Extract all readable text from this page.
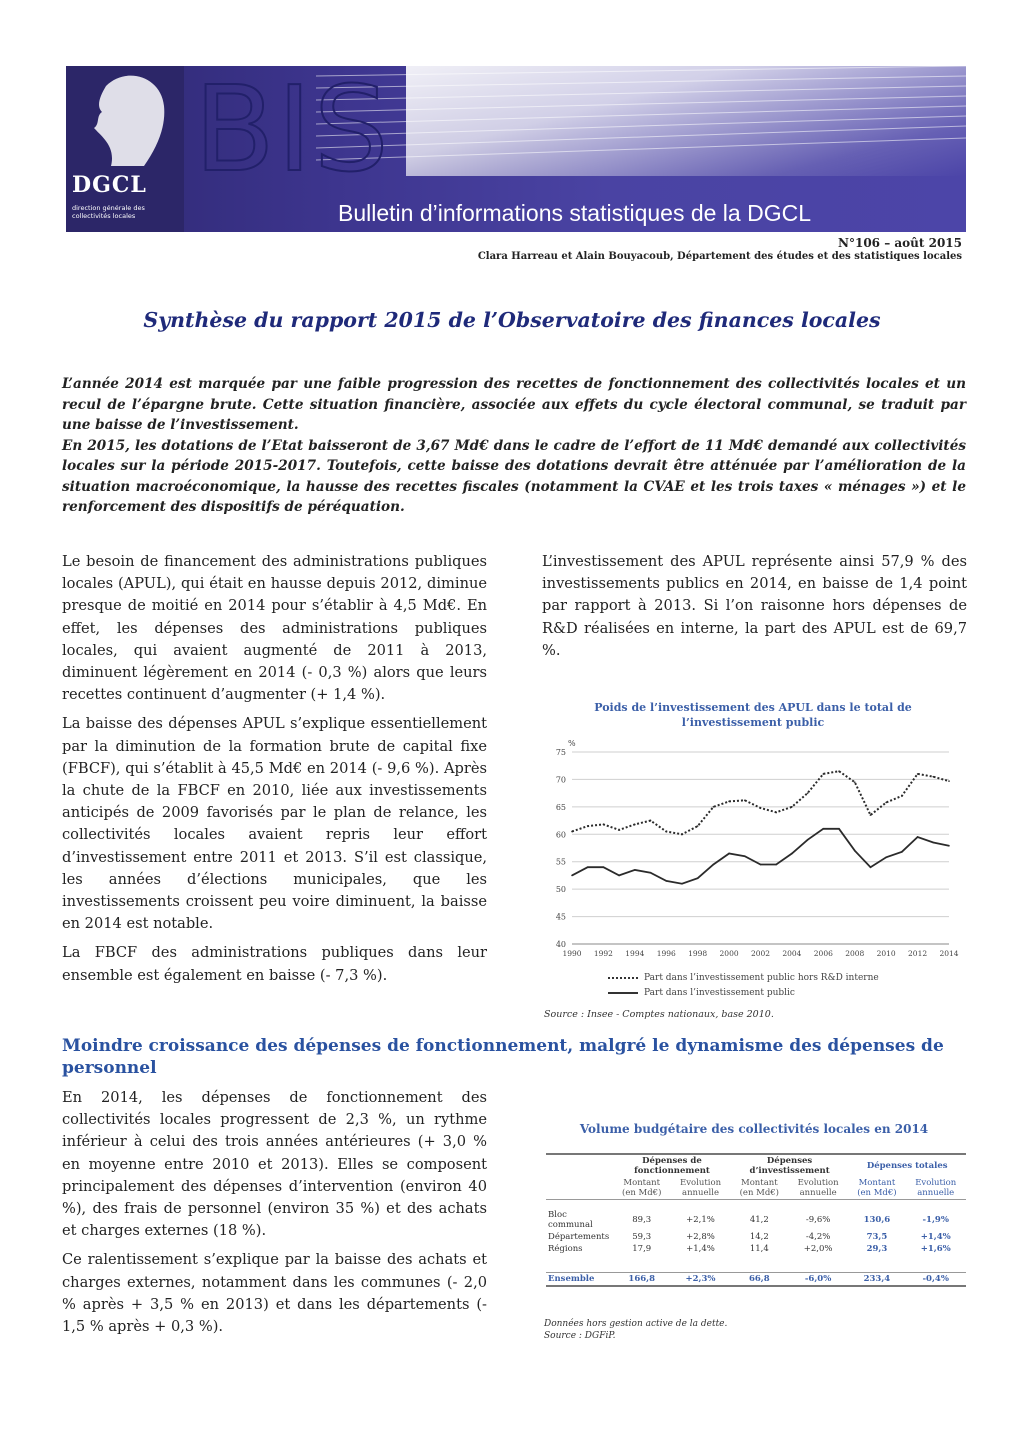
DGCL
direction générale des collectivités locales
BIS
Bulletin d’informations statistiques de la DGCL
N°106 – août 2015
Clara Harreau et Alain Bouyacoub, Département des études et des statistiques locales
Synthèse du rapport 2015 de l’Observatoire des finances locales

L’année 2014 est marquée par une faible progression des recettes de fonctionnement des collectivités locales et un recul de l’épargne brute. Cette situation financière, associée aux effets du cycle électoral communal, se traduit par une baisse de l’investissement.

En 2015, les dotations de l’Etat baisseront de 3,67 Md€ dans le cadre de l’effort de 11 Md€ demandé aux collectivités locales sur la période 2015-2017. Toutefois, cette baisse des dotations devrait être atténuée par l’amélioration de la situation macroéconomique, la hausse des recettes fiscales (notamment la CVAE et les trois taxes « ménages ») et le renforcement des dispositifs de péréquation.

Le besoin de financement des administrations publiques locales (APUL), qui était en hausse depuis 2012, diminue presque de moitié en 2014 pour s’établir à 4,5 Md€. En effet, les dépenses des administrations publiques locales, qui avaient augmenté de 2011 à 2013, diminuent légèrement en 2014 (- 0,3 %) alors que leurs recettes continuent d’augmenter (+ 1,4 %).

La baisse des dépenses APUL s’explique essentiellement par la diminution de la formation brute de capital fixe (FBCF), qui s’établit à 45,5 Md€ en 2014 (- 9,6 %). Après la chute de la FBCF en 2010, liée aux investissements anticipés de 2009 favorisés par le plan de relance, les collectivités locales avaient repris leur effort d’investissement entre 2011 et 2013. S’il est classique, les années d’élections municipales, que les investissements croissent peu voire diminuent, la baisse en 2014 est notable.

La FBCF des administrations publiques dans leur ensemble est également en baisse (- 7,3 %).

L’investissement des APUL représente ainsi 57,9 % des investissements publics en 2014, en baisse de 1,4 point par rapport à 2013. Si l’on raisonne hors dépenses de R&D réalisées en interne, la part des APUL est de 69,7 %.

Poids de l’investissement des APUL dans le total de l’investissement public
40
45
50
55
60
65
70
75
%
1990 1992 1994 1996 1998 2000 2002 2004 2006 2008 2010 2012 2014
Part dans l’investissement public hors R&D interne
Part dans l’investissement public
Source : Insee - Comptes nationaux, base 2010.
Moindre croissance des dépenses de fonctionnement, malgré le dynamisme des dépenses de personnel

En 2014, les dépenses de fonctionnement des collectivités locales progressent de 2,3 %, un rythme inférieur à celui des trois années antérieures (+ 3,0 % en moyenne entre 2010 et 2013). Elles se composent principalement des dépenses d’intervention (environ 40 %), des frais de personnel (environ 35 %) et des achats et charges externes (18 %).

Ce ralentissement s’explique par la baisse des achats et charges externes, notamment dans les communes (- 2,0 % après + 3,5 % en 2013) et dans les départements (- 1,5 % après + 0,3 %).

Volume budgétaire des collectivités locales en 2014
	Dépenses de fonctionnement		Dépenses d’investissement		Dépenses totales	
	Montant (en Md€)	Evolution annuelle	Montant (en Md€)	Evolution annuelle	Montant (en Md€)	Evolution annuelle
Bloc communal	89,3	+2,1%	41,2	-9,6%	130,6	-1,9%
Départements	59,3	+2,8%	14,2	-4,2%	73,5	+1,4%
Régions	17,9	+1,4%	11,4	+2,0%	29,3	+1,6%
Ensemble	166,8	+2,3%	66,8	-6,0%	233,4	-0,4%
Données hors gestion active de la dette.
Source : DGFiP.
